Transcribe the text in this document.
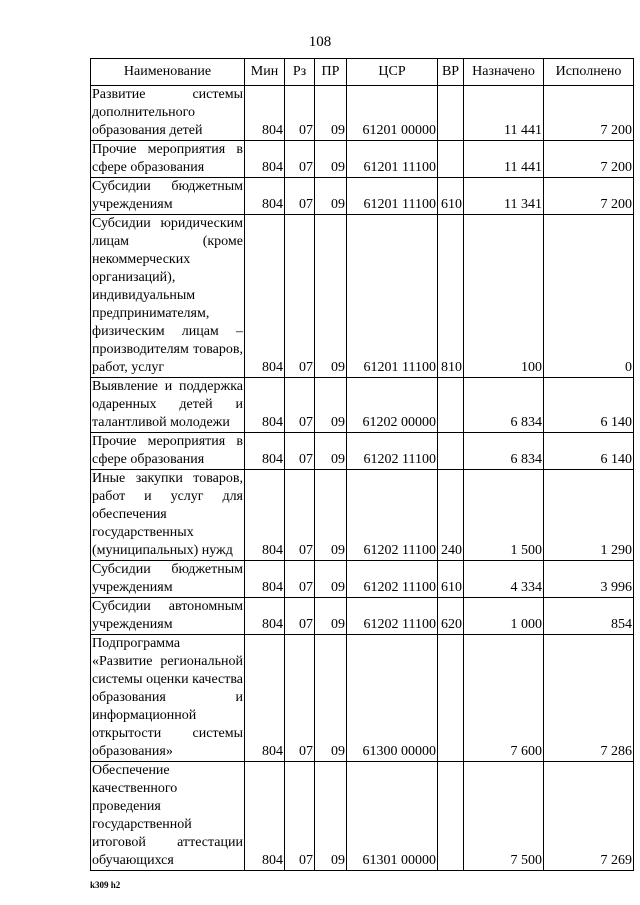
108
Наименование	Мин	Рз	ПР	ЦСР	ВР	Назначено	Исполнено
Развитие системы дополнительного образования детей	804	07	09	61201 00000		11 441	7 200
Прочие мероприятия в сфере образования	804	07	09	61201 11100		11 441	7 200
Субсидии бюджетным учреждениям	804	07	09	61201 11100	610	11 341	7 200
Субсидии юридическим лицам (кроме некоммерческих организаций), индивидуальным предпринимателям, физическим лицам – производителям товаров, работ, услуг	804	07	09	61201 11100	810	100	0
Выявление и поддержка одаренных детей и талантливой молодежи	804	07	09	61202 00000		6 834	6 140
Прочие мероприятия в сфере образования	804	07	09	61202 11100		6 834	6 140
Иные закупки товаров, работ и услуг для обеспечения государственных (муниципальных) нужд	804	07	09	61202 11100	240	1 500	1 290
Субсидии бюджетным учреждениям	804	07	09	61202 11100	610	4 334	3 996
Субсидии автономным учреждениям	804	07	09	61202 11100	620	1 000	854
Подпрограмма «Развитие региональной системы оценки качества образования и информационной открытости системы образования»	804	07	09	61300 00000		7 600	7 286
Обеспечение качественного проведения государственной итоговой аттестации обучающихся	804	07	09	61301 00000		7 500	7 269
k309 h2
